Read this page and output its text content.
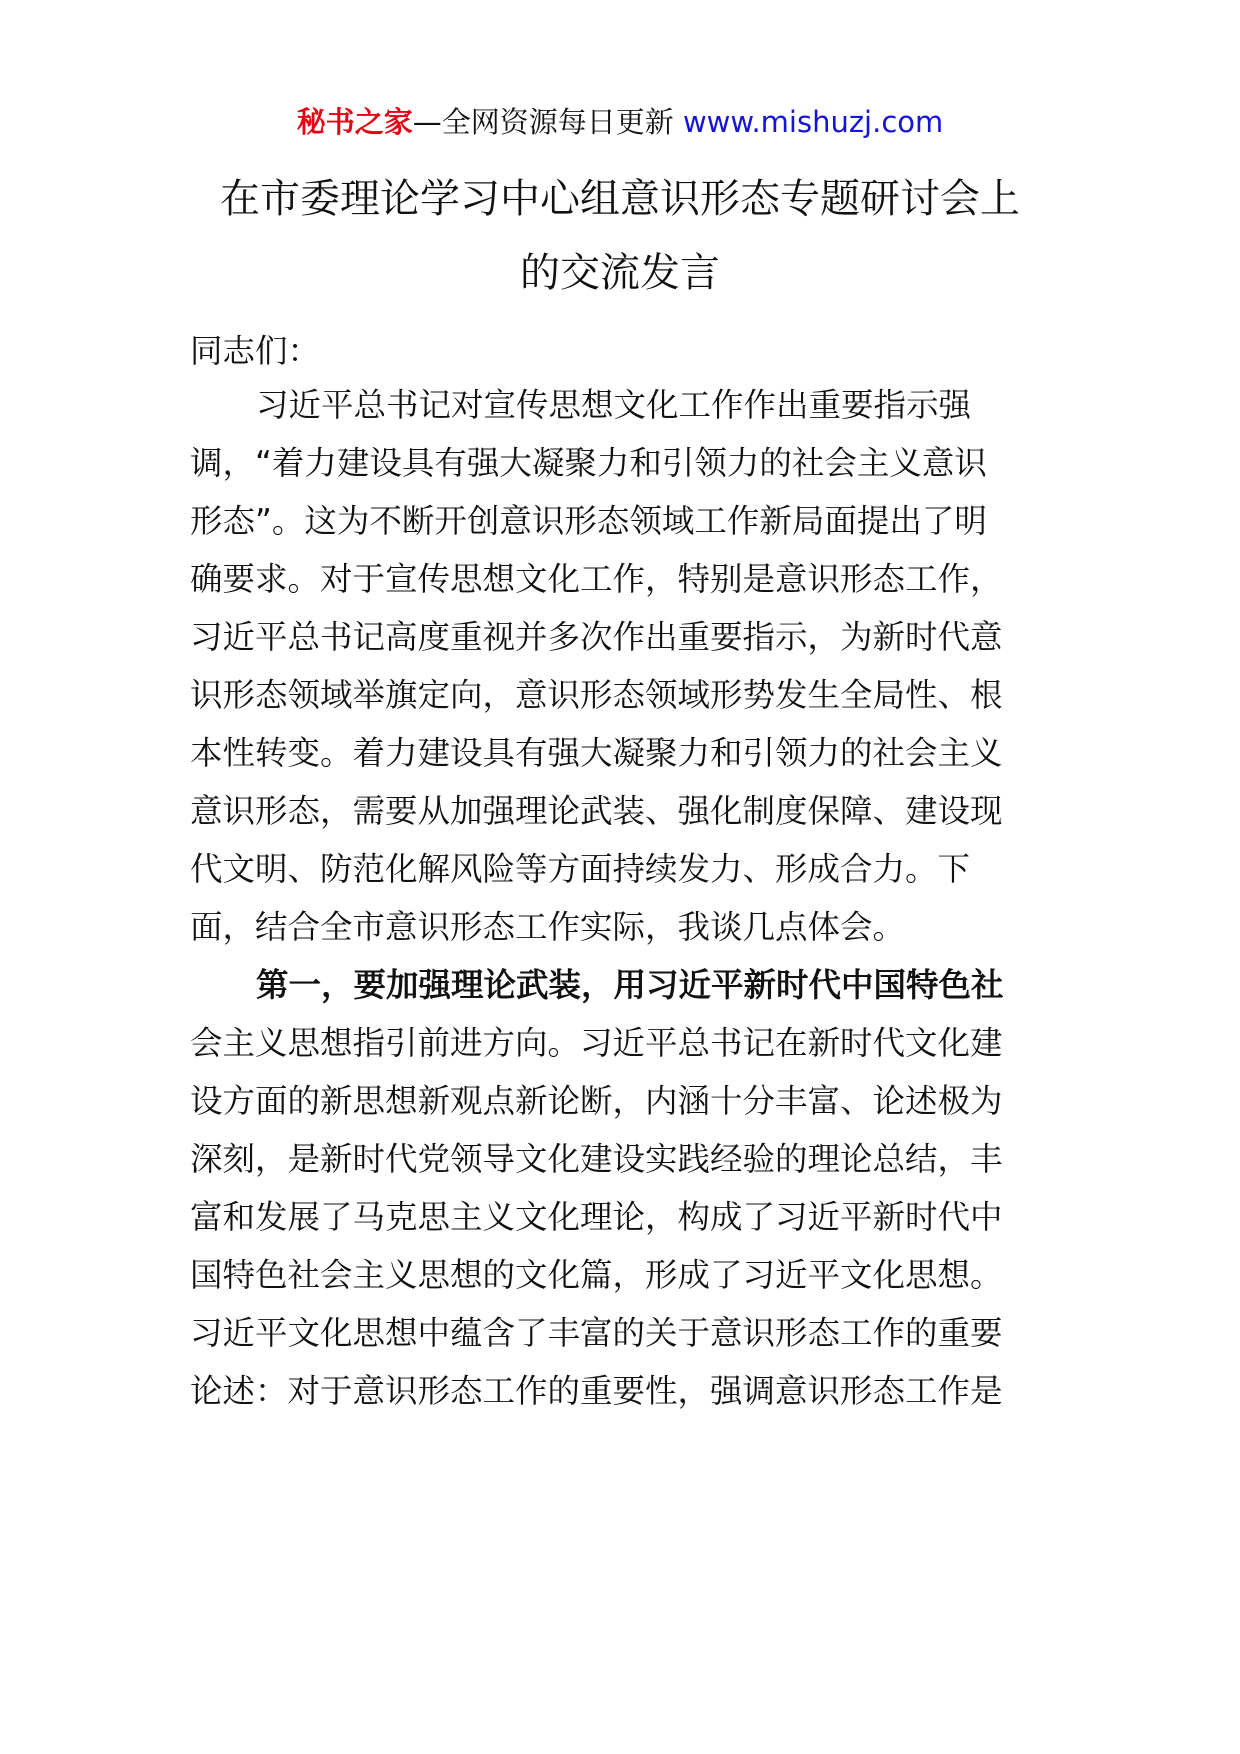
秘书之家—全网资源每日更新 www.mishuzj.com
在市委理论学习中心组意识形态专题研讨会上
的交流发言
同志们：
习近平总书记对宣传思想文化工作作出重要指示强
调，“着力建设具有强大凝聚力和引领力的社会主义意识
形态”。这为不断开创意识形态领域工作新局面提出了明
确要求。对于宣传思想文化工作，特别是意识形态工作，
习近平总书记高度重视并多次作出重要指示，为新时代意
识形态领域举旗定向，意识形态领域形势发生全局性、根
本性转变。着力建设具有强大凝聚力和引领力的社会主义
意识形态，需要从加强理论武装、强化制度保障、建设现
代文明、防范化解风险等方面持续发力、形成合力。下
面，结合全市意识形态工作实际，我谈几点体会。
第一，要加强理论武装，用习近平新时代中国特色社
会主义思想指引前进方向。习近平总书记在新时代文化建
设方面的新思想新观点新论断，内涵十分丰富、论述极为
深刻，是新时代党领导文化建设实践经验的理论总结，丰
富和发展了马克思主义文化理论，构成了习近平新时代中
国特色社会主义思想的文化篇，形成了习近平文化思想。
习近平文化思想中蕴含了丰富的关于意识形态工作的重要
论述：对于意识形态工作的重要性，强调意识形态工作是
